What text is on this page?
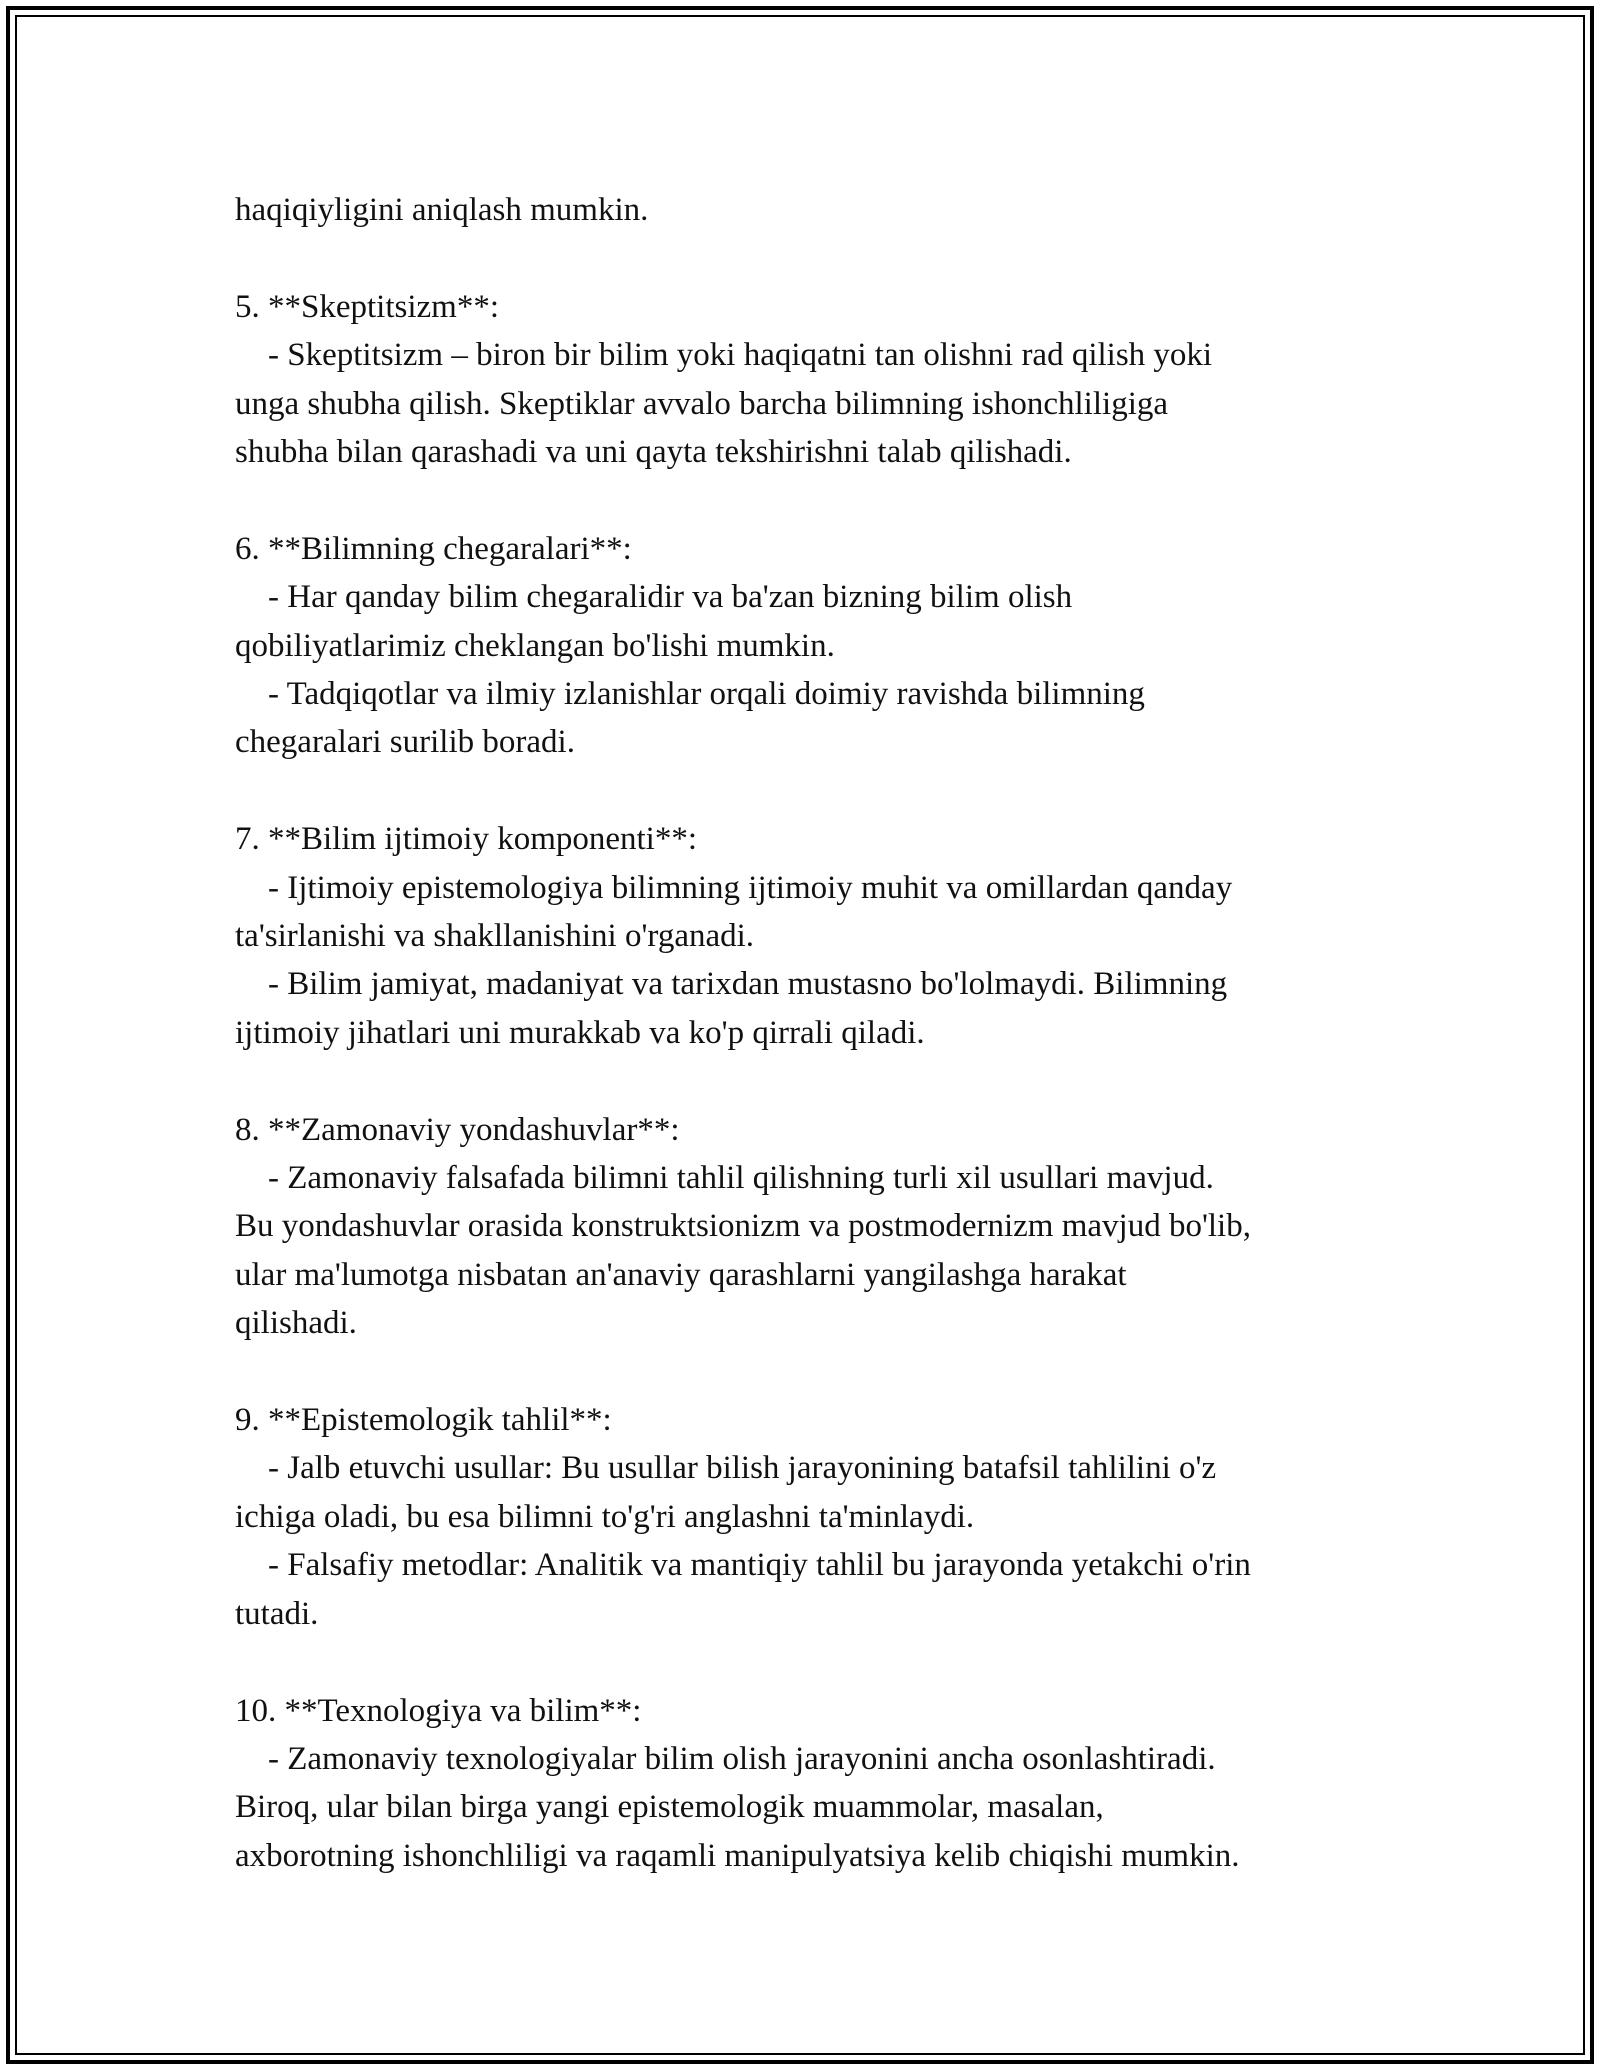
haqiqiyligini aniqlash mumkin.

5. **Skeptitsizm**:

- Skeptitsizm – biron bir bilim yoki haqiqatni tan olishni rad qilish yoki

unga shubha qilish. Skeptiklar avvalo barcha bilimning ishonchliligiga

shubha bilan qarashadi va uni qayta tekshirishni talab qilishadi.

6. **Bilimning chegaralari**:

- Har qanday bilim chegaralidir va ba'zan bizning bilim olish

qobiliyatlarimiz cheklangan bo'lishi mumkin.

- Tadqiqotlar va ilmiy izlanishlar orqali doimiy ravishda bilimning

chegaralari surilib boradi.

7. **Bilim ijtimoiy komponenti**:

- Ijtimoiy epistemologiya bilimning ijtimoiy muhit va omillardan qanday

ta'sirlanishi va shakllanishini o'rganadi.

- Bilim jamiyat, madaniyat va tarixdan mustasno bo'lolmaydi. Bilimning

ijtimoiy jihatlari uni murakkab va ko'p qirrali qiladi.

8. **Zamonaviy yondashuvlar**:

- Zamonaviy falsafada bilimni tahlil qilishning turli xil usullari mavjud.

Bu yondashuvlar orasida konstruktsionizm va postmodernizm mavjud bo'lib,

ular ma'lumotga nisbatan an'anaviy qarashlarni yangilashga harakat

qilishadi.

9. **Epistemologik tahlil**:

- Jalb etuvchi usullar: Bu usullar bilish jarayonining batafsil tahlilini o'z

ichiga oladi, bu esa bilimni to'g'ri anglashni ta'minlaydi.

- Falsafiy metodlar: Analitik va mantiqiy tahlil bu jarayonda yetakchi o'rin

tutadi.

10. **Texnologiya va bilim**:

- Zamonaviy texnologiyalar bilim olish jarayonini ancha osonlashtiradi.

Biroq, ular bilan birga yangi epistemologik muammolar, masalan,

axborotning ishonchliligi va raqamli manipulyatsiya kelib chiqishi mumkin.
